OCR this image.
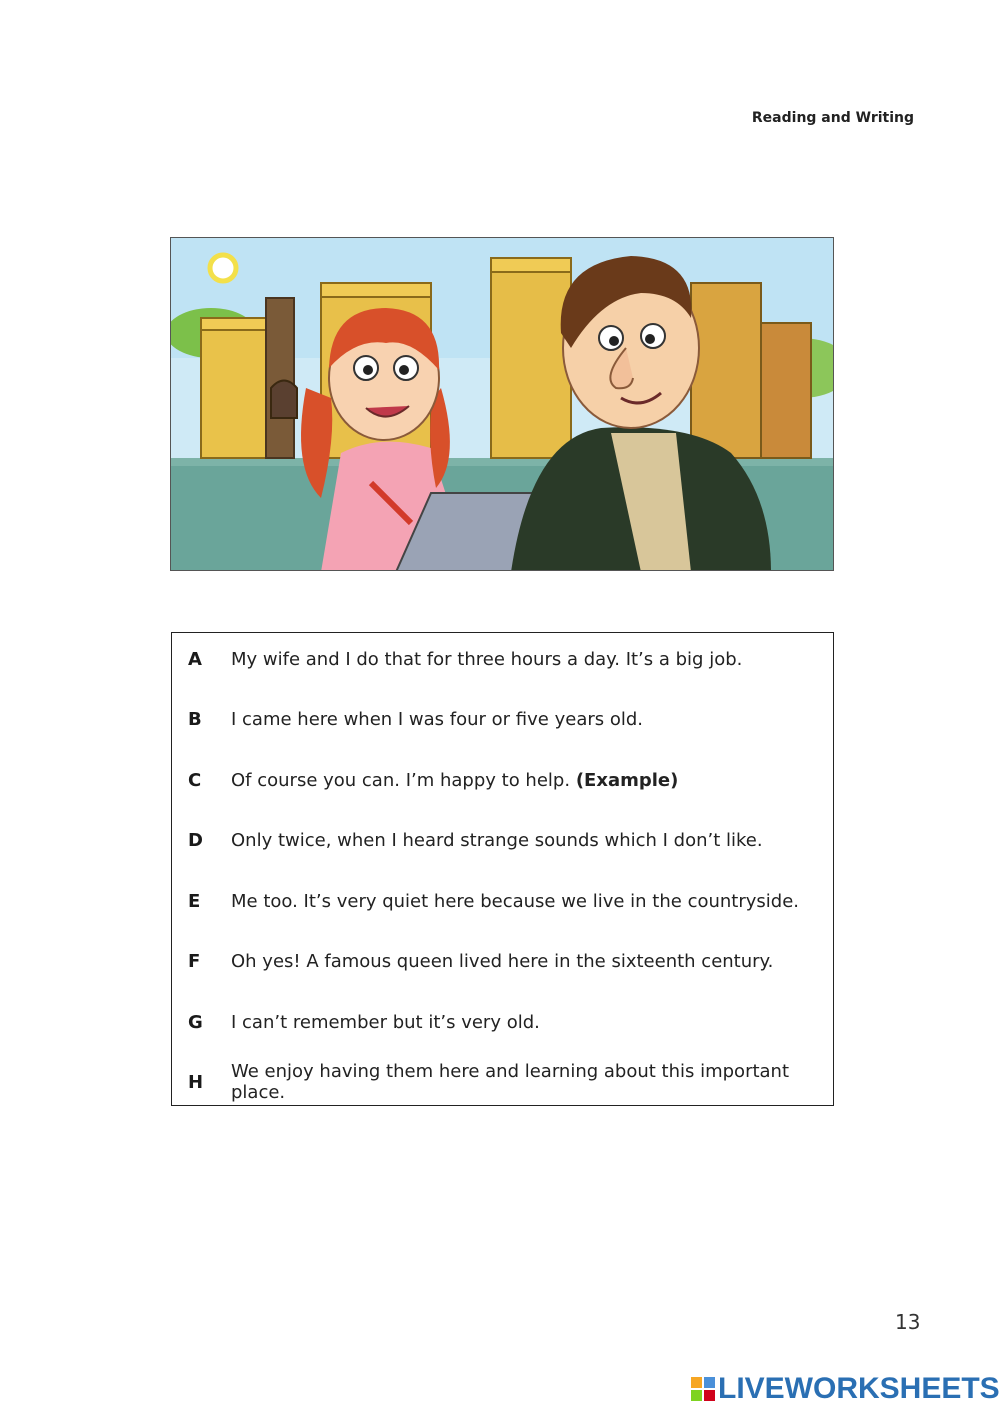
Reading and Writing
A	My wife and I do that for three hours a day. It’s a big job.
B	I came here when I was four or five years old.
C	Of course you can. I’m happy to help. (Example)
D	Only twice, when I heard strange sounds which I don’t like.
E	Me too. It’s very quiet here because we live in the countryside.
F	Oh yes! A famous queen lived here in the sixteenth century.
G	I can’t remember but it’s very old.
H	We enjoy having them here and learning about this important place.
13
LIVEWORKSHEETS
